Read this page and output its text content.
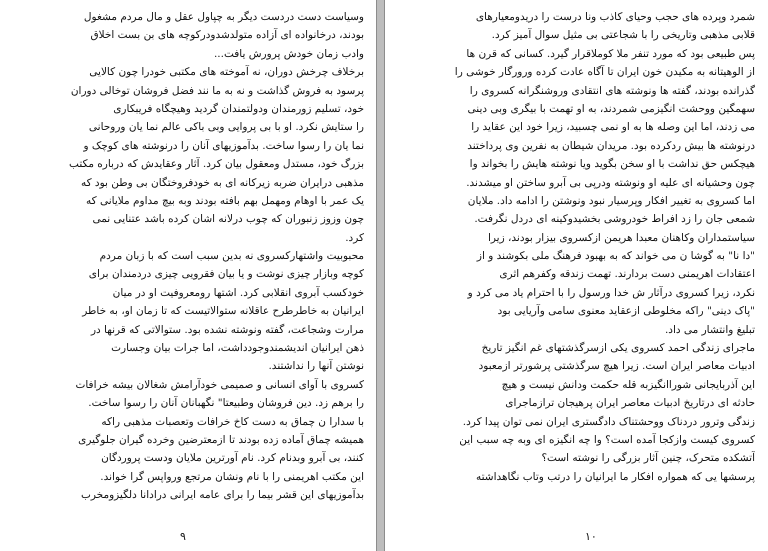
وسیاست دست دردست دیگر به چپاول عقل و مال مردم مشغول
بودند، درخانواده ای آزاده متولدشدودرکوچه های بن بست اخلاق
وادب زمان خودش پرورش یافت...
برخلاف چرخش دوران، نه آموخته های مکتبی خودرا چون کالایی
پرسود به فروش گذاشت و نه به ما نند فضل فروشان توخالی دوران
خود، تسلیم زورمندان ودولتمندان گردید وهیچگاه فریبکاری
را ستایش نکرد. او با بی پروایی وبی باکی عالم نما یان وروحانی
نما یان را رسوا ساخت. بدآموزیهای آنان را درنوشته های کوچک و
بزرگ خود، مستدل ومعقول بیان کرد. آثار وعقایدش که درباره مکتب
مذهبی درایران ضربه زیرکانه ای به خودفروختگان بی وطن بود که
یک عمر با اوهام ومهمل بهم بافته بودند وبه بیچ مداوم ملایانی که
چون وزوز زنبوران که چوب درلانه اشان کرده باشد عتنایی نمی
کرد.
محبوبیت واشتهارکسروی نه بدین سبب است که با زبان مردم
کوچه وبازار چیزی نوشت و یا بیان فقرویی چیزی دردمندان برای
خودکسب آبروی انقلابی کرد. اشتها رومعروفیت او در میان
ایرانیان به خاطرطرح عاقلانه ستوالاتیست که تا زمان او، به خاطر
مرارت وشجاعت، گفته ونوشته نشده بود. ستوالاتی که قرنها در
ذهن ایرانیان اندیشمندوجودداشت، اما جرات بیان وجسارت
نوشتن آنها را نداشتند.
کسروی با آوای انسانی و صمیمی خودآرامش شغالان بیشه خرافات
را برهم زد. دین فروشان وطبیعتا" نگهبانان آنان را رسوا ساخت.
با سدارا ن چماق به دست کاخ خرافات وتعصبات مذهبی راکه
همیشه چماق آماده زده بودند تا ازمعترضین وخرده گیران جلوگیری
کنند، بی آبرو وبدنام کرد. نام آورترین ملایان ودست پروردگان
این مکتب اهریمنی را با نام ونشان مرتجع ورواپس گرا خواند.
بدآموزیهای این قشر بیما را برای عامه ایرانی درادانا دلگیزومخرب
۹
شمرد وپرده های حجب وحیای کاذب ونا درست را دریدومعیارهای
قلابی مذهبی وتاریخی را با شجاعتی بی مثیل سوال آمیز کرد.
پس طبیعی بود که مورد تنفر ملا کوملاقرار گیرد. کسانی که قرن ها
از الوهیتانه به مکیدن خون ایران تا آگاه عادت کرده ورورگار خوشی را
گذرانده بودند، گفته ها ونوشته های انتقادی وروشنگرانه کسروی را
سهمگین ووحشت انگیزمی شمردند، به او تهمت با بیگری وبی دینی
می زدند، اما این وصله ها به او نمی چسبید، زیرا خود این عقاید را
درنوشته ها بیش ردکرده بود. مریدان شیطان به نفرین وی پرداختند
هیچکس حق نداشت با او سخن بگوید ویا نوشته هایش را بخواند وا
چون وحشیانه ای علیه او ونوشته ودرپی بی آبرو ساختن او میشدند.
اما کسروی به تغییر افکار وپرسیار نبود ونوشتن را ادامه داد. ملایان
شمعی جان را زد افراط خودروشی بخشیدوکینه ای دردل نگرفت.
سیاستمداران وکاهنان معبدا هریمن ازکسروی بیزار بودند، زیرا
"دا نا" به گوشا ن می خواند که به بهبود فرهنگ ملی بکوشند و از
اعتقادات اهریمنی دست بردارند. تهمت زندقه وکفرهم اثری
نکرد، زیرا کسروی درآثار ش خدا ورسول را با احترام یاد می کرد و
"پاک دینی" راکه مخلوطی ازعقاید معنوی سامی وآریایی بود
تبلیغ وانتشار می داد.
ماجرای زندگی احمد کسروی یکی ازسرگذشتهای غم انگیز تاریخ
ادبیات معاصر ایران است. زیرا هیچ سرگذشتی پرشورتر ازمعبود
این آذربایجانی شوراانگیزبه قله حکمت ودانش نیست و هیچ
حادثه ای درتاریخ ادبیات معاصر ایران پرهیجان ترازماجرای
زندگی وترور دردناک ووحشتناک دادگستری ایران نمی توان پیدا کرد.
کسروی کیست وازکجا آمده است؟ وا چه انگیزه ای وبه چه سبب این
آتشکده متحرک، چنین آثار بزرگی را نوشته است؟
پرسشها یی که همواره افکار ما ایرانیان را درتب وتاب نگاهداشته
۱۰
